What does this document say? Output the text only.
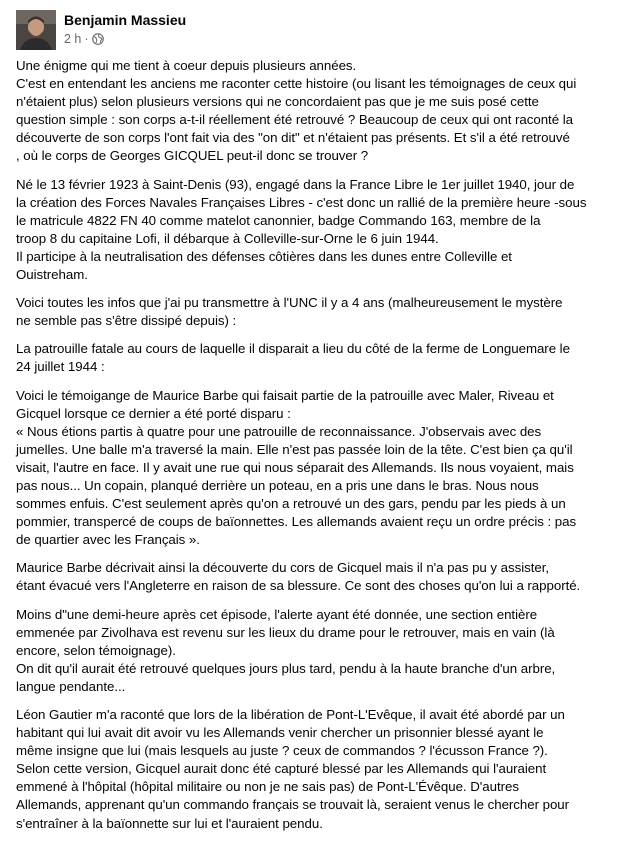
Benjamin Massieu
2 h ·
Une énigme qui me tient à coeur depuis plusieurs années.
C'est en entendant les anciens me raconter cette histoire (ou lisant les témoignages de ceux qui
n'étaient plus) selon plusieurs versions qui ne concordaient pas que je me suis posé cette
question simple : son corps a-t-il réellement été retrouvé ? Beaucoup de ceux qui ont raconté la
découverte de son corps l'ont fait via des "on dit" et n'étaient pas présents. Et s'il a été retrouvé
, où le corps de Georges GICQUEL peut-il donc se trouver ?
Né le 13 février 1923 à Saint-Denis (93), engagé dans la France Libre le 1er juillet 1940, jour de
la création des Forces Navales Françaises Libres - c'est donc un rallié de la première heure -sous
le matricule 4822 FN 40 comme matelot canonnier, badge Commando 163, membre de la
troop 8 du capitaine Lofi, il débarque à Colleville-sur-Orne le 6 juin 1944.
Il participe à la neutralisation des défenses côtières dans les dunes entre Colleville et
Ouistreham.
Voici toutes les infos que j'ai pu transmettre à l'UNC il y a 4 ans (malheureusement le mystère
ne semble pas s'être dissipé depuis) :
La patrouille fatale au cours de laquelle il disparait a lieu du côté de la ferme de Longuemare le
24 juillet 1944 :
Voici le témoigange de Maurice Barbe qui faisait partie de la patrouille avec Maler, Riveau et
Gicquel lorsque ce dernier a été porté disparu :
« Nous étions partis à quatre pour une patrouille de reconnaissance. J'observais avec des
jumelles. Une balle m'a traversé la main. Elle n'est pas passée loin de la tête. C'est bien ça qu'il
visait, l'autre en face. Il y avait une rue qui nous séparait des Allemands. Ils nous voyaient, mais
pas nous... Un copain, planqué derrière un poteau, en a pris une dans le bras. Nous nous
sommes enfuis. C'est seulement après qu'on a retrouvé un des gars, pendu par les pieds à un
pommier, transpercé de coups de baïonnettes. Les allemands avaient reçu un ordre précis : pas
de quartier avec les Français ».
Maurice Barbe décrivait ainsi la découverte du cors de Gicquel mais il n'a pas pu y assister,
étant évacué vers l'Angleterre en raison de sa blessure. Ce sont des choses qu'on lui a rapporté.
Moins d"une demi-heure après cet épisode, l'alerte ayant été donnée, une section entière
emmenée par Zivolhava est revenu sur les lieux du drame pour le retrouver, mais en vain (là
encore, selon témoignage).
On dit qu'il aurait été retrouvé quelques jours plus tard, pendu à la haute branche d'un arbre,
langue pendante...
Léon Gautier m'a raconté que lors de la libération de Pont-L'Evêque, il avait été abordé par un
habitant qui lui avait dit avoir vu les Allemands venir chercher un prisonnier blessé ayant le
même insigne que lui (mais lesquels au juste ? ceux de commandos ? l'écusson France ?).
Selon cette version, Gicquel aurait donc été capturé blessé par les Allemands qui l'auraient
emmené à l'hôpital (hôpital militaire ou non je ne sais pas) de Pont-L'Évêque. D'autres
Allemands, apprenant qu'un commando français se trouvait là, seraient venus le chercher pour
s'entraîner à la baïonnette sur lui et l'auraient pendu.
